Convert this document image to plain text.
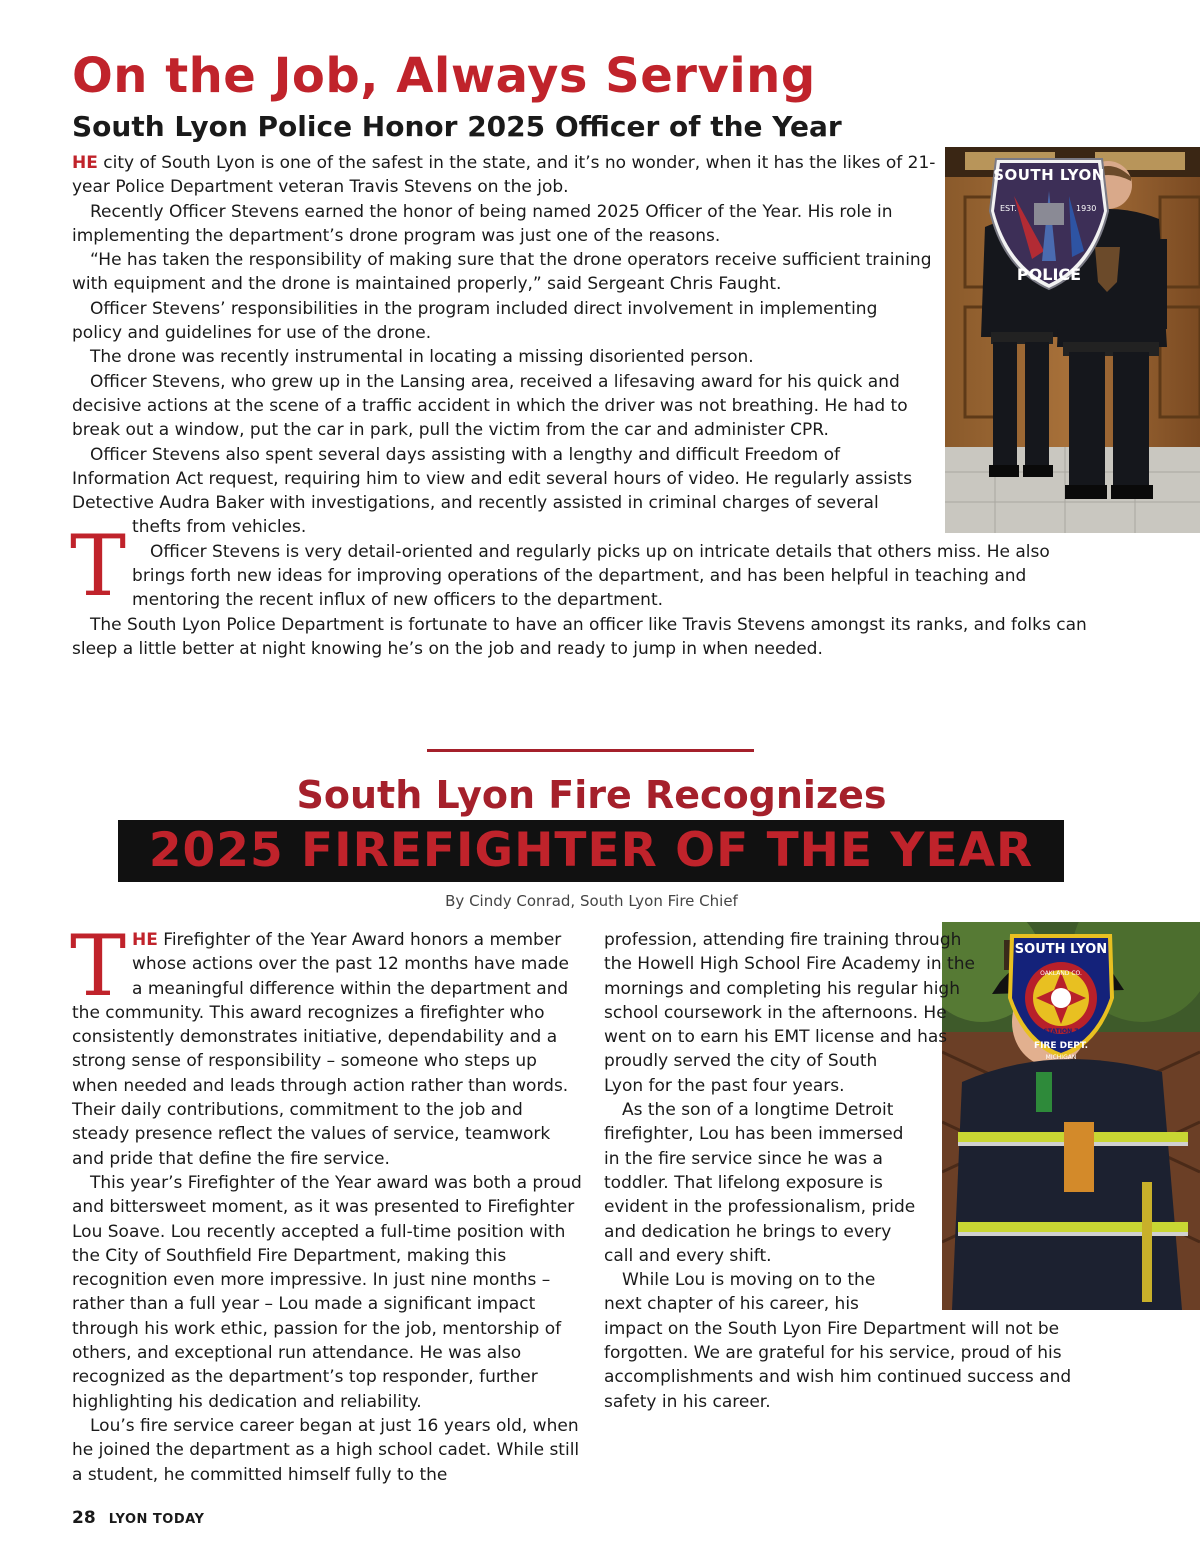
On the Job, Always Serving
South Lyon Police Honor 2025 Officer of the Year
SOUTH LYON
EST.	1930
POLICE
T

HE city of South Lyon is one of the safest in the state, and it’s no wonder, when it has the likes of 21-year Police Department veteran Travis Stevens on the job.

Recently Officer Stevens earned the honor of being named 2025 Officer of the Year. His role in implementing the department’s drone program was just one of the reasons.

“He has taken the responsibility of making sure that the drone operators receive sufficient training with equipment and the drone is maintained properly,” said Sergeant Chris Faught.

Officer Stevens’ responsibilities in the program included direct involvement in implementing policy and guidelines for use of the drone.

The drone was recently instrumental in locating a missing disoriented person.

Officer Stevens, who grew up in the Lansing area, received a lifesaving award for his quick and decisive actions at the scene of a traffic accident in which the driver was not breathing. He had to break out a window, put the car in park, pull the victim from the car and administer CPR.

Officer Stevens also spent several days assisting with a lengthy and difficult Freedom of Information Act request, requiring him to view and edit several hours of video. He regularly assists Detective Audra Baker with investigations, and recently assisted in criminal charges of several thefts from vehicles.

Officer Stevens is very detail-oriented and regularly picks up on intricate details that others miss. He also brings forth new ideas for improving operations of the department, and has been helpful in teaching and mentoring the recent influx of new officers to the department.

The South Lyon Police Department is fortunate to have an officer like Travis Stevens amongst its ranks, and folks can sleep a little better at night knowing he’s on the job and ready to jump in when needed.

South Lyon Fire Recognizes
2025 FIREFIGHTER OF THE YEAR
By Cindy Conrad, South Lyon Fire Chief
T HE Firefighter of the Year Award honors a member whose actions over the past 12 months have made a meaningful difference within the department and the community. This award recognizes a firefighter who consistently demonstrates initiative, dependability and a strong sense of responsibility – someone who steps up when needed and leads through action rather than words. Their daily contributions, commitment to the job and steady presence reflect the values of service, teamwork and pride that define the fire service.

This year’s Firefighter of the Year award was both a proud and bittersweet moment, as it was presented to Firefighter Lou Soave. Lou recently accepted a full-time position with the City of Southfield Fire Department, making this recognition even more impressive. In just nine months – rather than a full year – Lou made a significant impact through his work ethic, passion for the job, mentorship of others, and exceptional run attendance. He was also recognized as the department’s top responder, further highlighting his dedication and reliability.

Lou’s fire service career began at just 16 years old, when he joined the department as a high school cadet. While still a student, he committed himself fully to the

SOUTH LYON
OAKLAND CO.
STATION 7
FIRE DEPT.
MICHIGAN

profession, attending fire training through the Howell High School Fire Academy in the mornings and completing his regular high school coursework in the afternoons. He went on to earn his EMT license and has proudly served the city of South Lyon for the past four years.

As the son of a longtime Detroit firefighter, Lou has been immersed in the fire service since he was a toddler. That lifelong exposure is evident in the professionalism, pride and dedication he brings to every call and every shift.

While Lou is moving on to the next chapter of his career, his impact on the South Lyon Fire Department will not be forgotten. We are grateful for his service, proud of his accomplishments and wish him continued success and safety in his career.

28 LYON TODAY
